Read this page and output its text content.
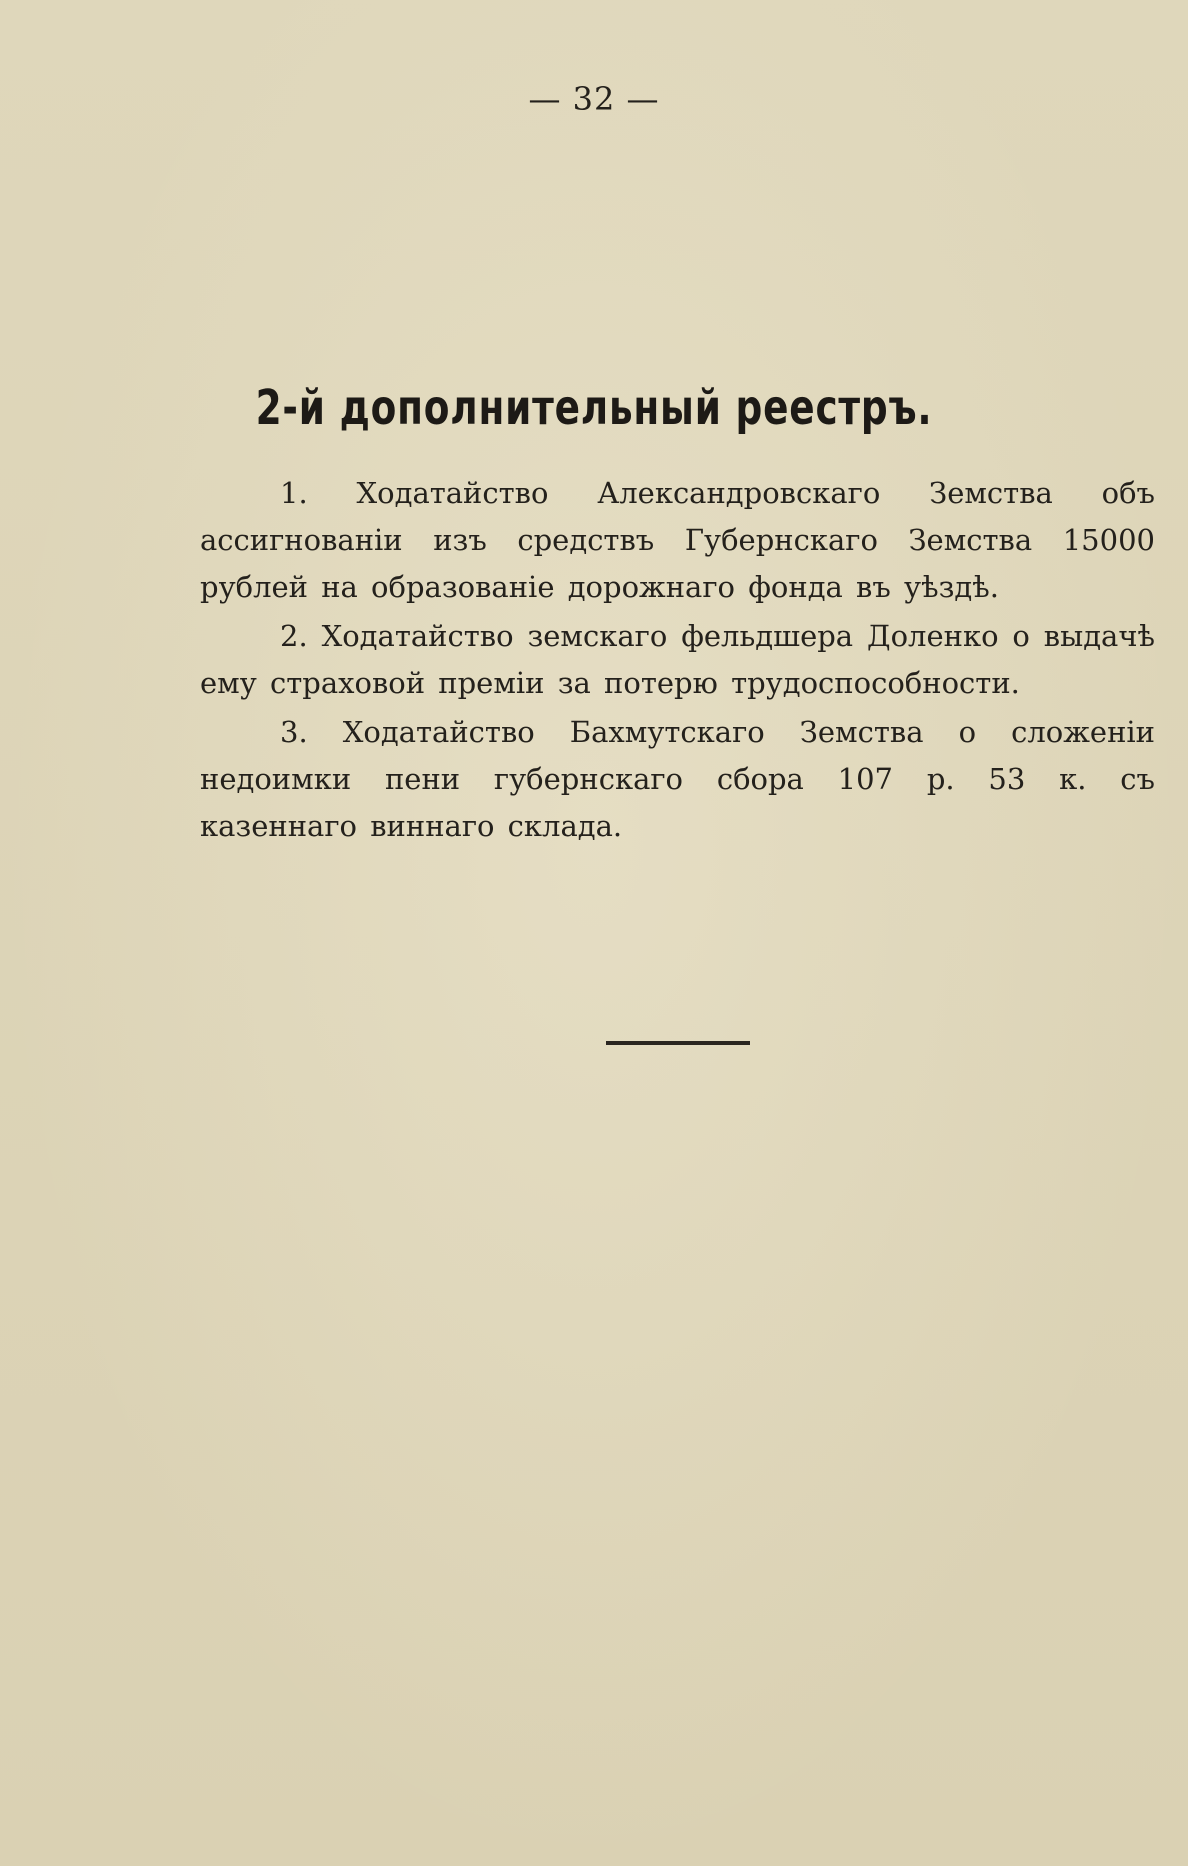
— 32 —
2-й дополнительный реестръ.

1. Ходатайство Александровскаго Земства объ ассигнованіи изъ средствъ Губернскаго Земства 15000 рублей на образованіе дорожнаго фонда въ уѣздѣ.

2. Ходатайство земскаго фельдшера Доленко о выдачѣ ему страховой преміи за потерю трудоспособности.

3. Ходатайство Бахмутскаго Земства о сложеніи недоимки пени губернскаго сбора 107 р. 53 к. съ казеннаго виннаго склада.
